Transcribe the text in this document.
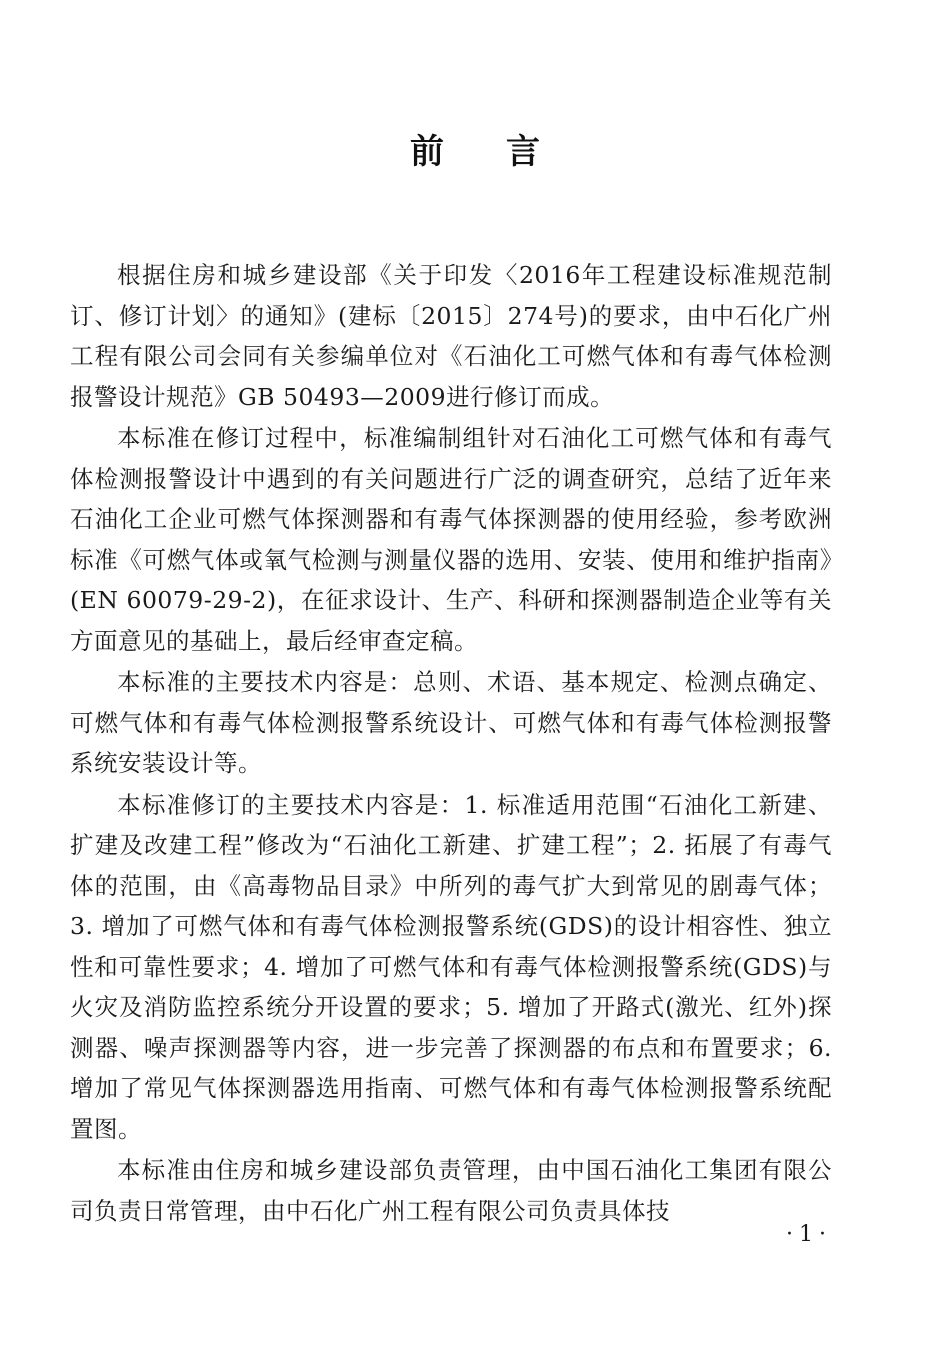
前言

根据住房和城乡建设部《关于印发〈2016年工程建设标准规范制订、修订计划〉的通知》(建标〔2015〕274号)的要求，由中石化广州工程有限公司会同有关参编单位对《石油化工可燃气体和有毒气体检测报警设计规范》GB 50493—2009进行修订而成。

本标准在修订过程中，标准编制组针对石油化工可燃气体和有毒气体检测报警设计中遇到的有关问题进行广泛的调查研究，总结了近年来石油化工企业可燃气体探测器和有毒气体探测器的使用经验，参考欧洲标准《可燃气体或氧气检测与测量仪器的选用、安装、使用和维护指南》(EN 60079-29-2)，在征求设计、生产、科研和探测器制造企业等有关方面意见的基础上，最后经审查定稿。

本标准的主要技术内容是：总则、术语、基本规定、检测点确定、可燃气体和有毒气体检测报警系统设计、可燃气体和有毒气体检测报警系统安装设计等。

本标准修订的主要技术内容是：1. 标准适用范围“石油化工新建、扩建及改建工程”修改为“石油化工新建、扩建工程”；2. 拓展了有毒气体的范围，由《高毒物品目录》中所列的毒气扩大到常见的剧毒气体；3. 增加了可燃气体和有毒气体检测报警系统(GDS)的设计相容性、独立性和可靠性要求；4. 增加了可燃气体和有毒气体检测报警系统(GDS)与火灾及消防监控系统分开设置的要求；5. 增加了开路式(激光、红外)探测器、噪声探测器等内容，进一步完善了探测器的布点和布置要求；6. 增加了常见气体探测器选用指南、可燃气体和有毒气体检测报警系统配置图。

本标准由住房和城乡建设部负责管理，由中国石油化工集团有限公司负责日常管理，由中石化广州工程有限公司负责具体技

·1·
